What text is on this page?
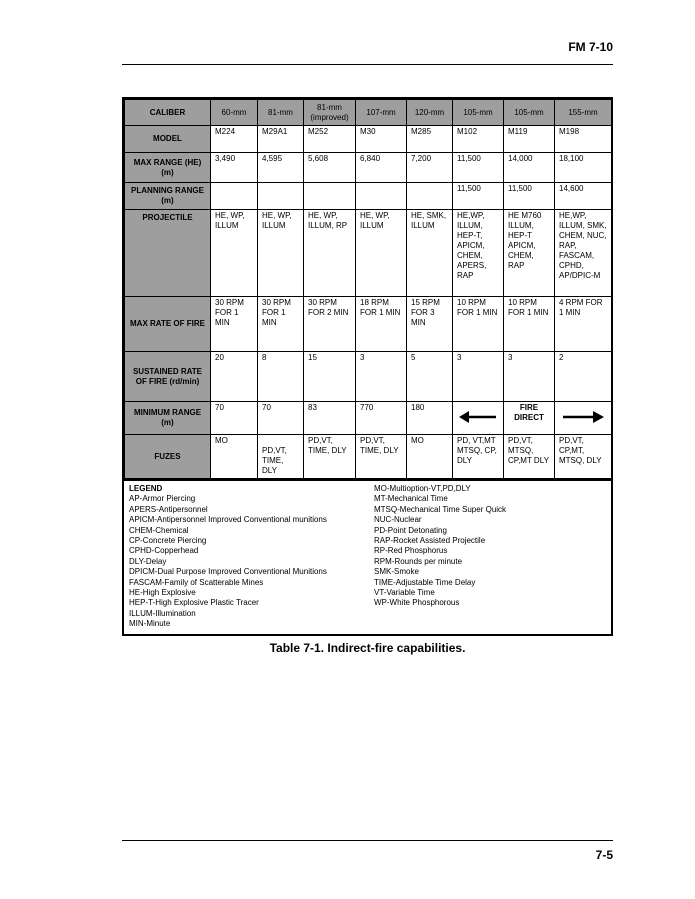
FM 7-10
CALIBER	60-mm	81-mm	81-mm (improved)	107-mm	120-mm	105-mm	105-mm	155-mm
MODEL	M224	M29A1	M252	M30	M285	M102	M119	M198
MAX RANGE (HE) (m)	3,490	4,595	5,608	6,840	7,200	11,500	14,000	18,100
PLANNING RANGE (m)						11,500	11,500	14,600
PROJECTILE	HE, WP, ILLUM	HE, WP, ILLUM	HE, WP, ILLUM, RP	HE, WP, ILLUM	HE, SMK, ILLUM	HE,WP, ILLUM, HEP-T, APICM, CHEM, APERS, RAP	HE M760 ILLUM, HEP-T APICM, CHEM, RAP	HE,WP, ILLUM, SMK, CHEM, NUC, RAP, FASCAM, CPHD, AP/DPIC-M
MAX RATE OF FIRE	30 RPM FOR 1 MIN	30 RPM FOR 1 MIN	30 RPM FOR 2 MIN	18 RPM FOR 1 MIN	15 RPM FOR 3 MIN	10 RPM FOR 1 MIN	10 RPM FOR 1 MIN	4 RPM FOR 1 MIN
SUSTAINED RATE OF FIRE (rd/min)	20	8	15	3	5	3	3	2
MINIMUM RANGE (m)	70	70	83	770	180		FIRE DIRECT	
FUZES	MO	PD,VT, TIME, DLY	PD,VT, TIME, DLY	PD,VT, TIME, DLY	MO	PD, VT,MT MTSQ, CP, DLY	PD,VT, MTSQ, CP,MT DLY	PD,VT, CP,MT, MTSQ, DLY
LEGEND
AP-Armor Piercing
APERS-Antipersonnel
APICM-Antipersonnel Improved Conventional munitions
CHEM-Chemical
CP-Concrete Piercing
CPHD-Copperhead
DLY-Delay
DPICM-Dual Purpose Improved Conventional Munitions
FASCAM-Family of Scatterable Mines
HE-High Explosive
HEP-T-High Explosive Plastic Tracer
ILLUM-Illumination
MIN-Minute
MO-Multioption-VT,PD,DLY
MT-Mechanical Time
MTSQ-Mechanical Time Super Quick
NUC-Nuclear
PD-Point Detonating
RAP-Rocket Assisted Projectile
RP-Red Phosphorus
RPM-Rounds per minute
SMK-Smoke
TIME-Adjustable Time Delay
VT-Variable Time
WP-White Phosphorous
Table 7-1. Indirect-fire capabilities.
7-5
